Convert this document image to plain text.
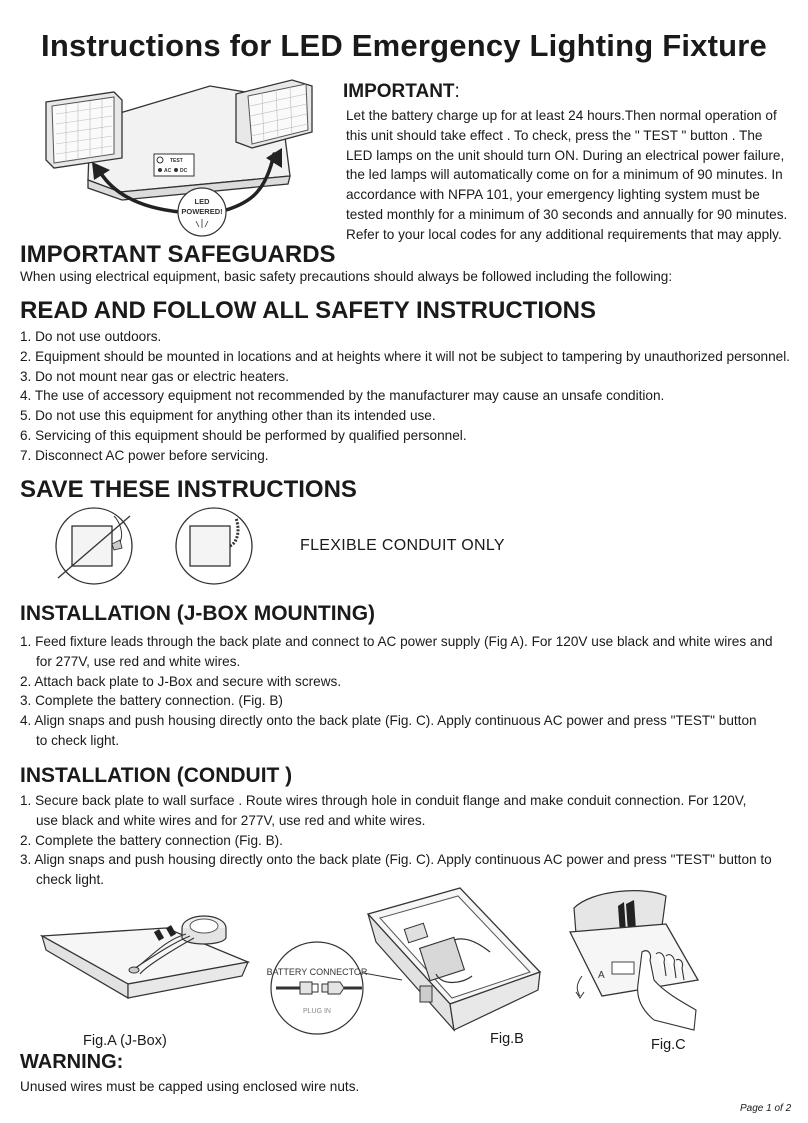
Instructions for LED Emergency Lighting Fixture
TEST
AC DC
LED
POWERED!
IMPORTANT:
Let the battery charge up for at least 24 hours.Then normal operation of
this unit should take effect . To check, press the " TEST " button . The
LED lamps on the unit should turn ON. During an electrical power failure,
the led lamps will automatically come on for a minimum of 90 minutes. In
accordance with NFPA 101, your emergency lighting system must be
tested monthly for a minimum of 30 seconds and annually for 90 minutes.
Refer to your local codes for any additional requirements that may apply.
IMPORTANT SAFEGUARDS
When using electrical equipment, basic safety precautions should always be followed including the following:
READ AND FOLLOW ALL SAFETY INSTRUCTIONS
1. Do not use outdoors.
2. Equipment should be mounted in locations and at heights where it will not be subject to tampering by unauthorized personnel.
3. Do not mount near gas or electric heaters.
4. The use of accessory equipment not recommended by the manufacturer may cause an unsafe condition.
5. Do not use this equipment for anything other than its intended use.
6. Servicing of this equipment should be performed by qualified personnel.
7. Disconnect AC power before servicing.
SAVE THESE INSTRUCTIONS
FLEXIBLE CONDUIT ONLY
INSTALLATION (J-BOX MOUNTING)
1. Feed fixture leads through the back plate and connect to AC power supply (Fig A). For 120V use black and white wires and
for 277V, use red and white wires.
2. Attach back plate to J-Box and secure with screws.
3. Complete the battery connection. (Fig. B)
4. Align snaps and push housing directly onto the back plate (Fig. C). Apply continuous AC power and press "TEST" button
to check light.
INSTALLATION (CONDUIT )
1. Secure back plate to wall surface . Route wires through hole in conduit flange and make conduit connection. For 120V,
use black and white wires and for 277V, use red and white wires.
2. Complete the battery connection (Fig. B).
3. Align snaps and push housing directly onto the back plate (Fig. C). Apply continuous AC power and press "TEST" button to
check light.
Fig.A (J-Box)
BATTERY CONNECTOR
PLUG IN
Fig.B
A
Fig.C
WARNING:
Unused wires must be capped using enclosed wire nuts.
Page 1 of 2
